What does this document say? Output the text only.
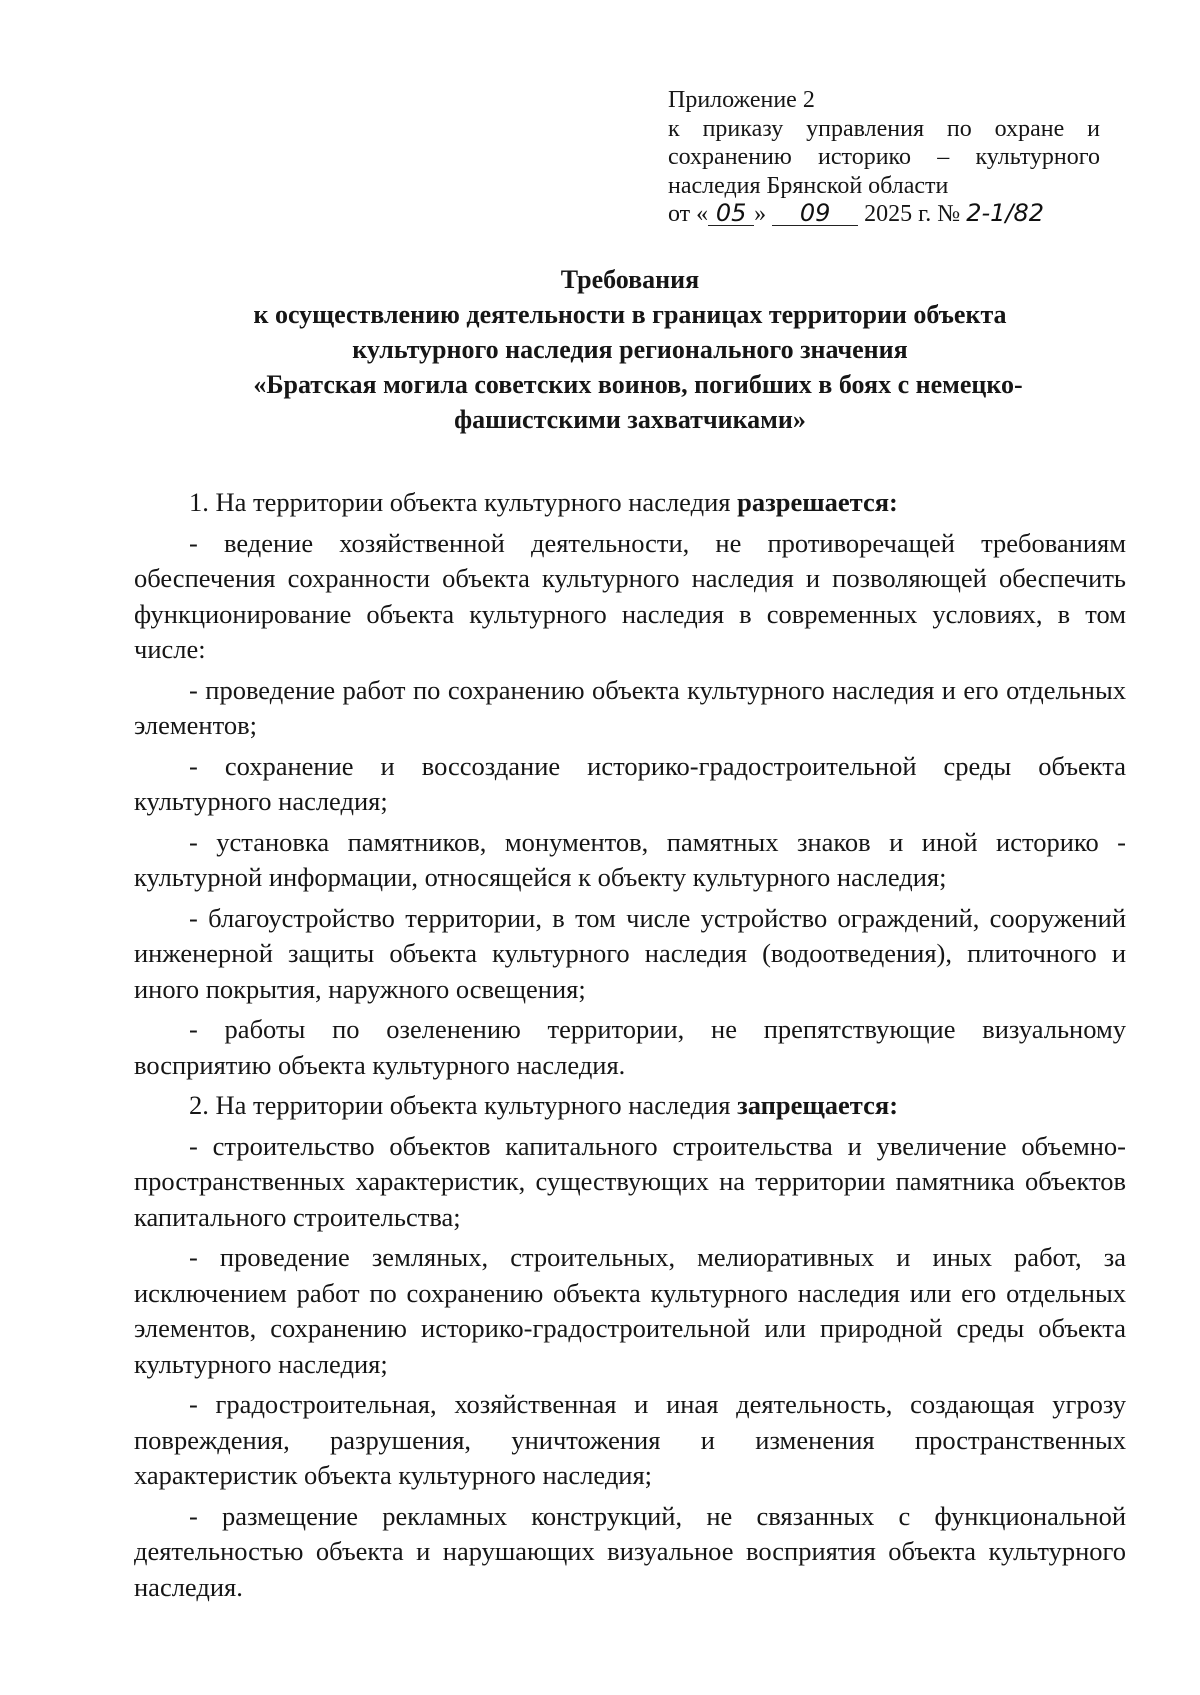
Приложение 2
к приказу управления по охране и
сохранению историко – культурного
наследия Брянской области
от « 05 » 09 2025 г. № 2-1/82
Требования
к осуществлению деятельности в границах территории объекта
культурного наследия регионального значения
«Братская могила советских воинов, погибших в боях с немецко-
фашистскими захватчиками»

1. На территории объекта культурного наследия разрешается:

- ведение хозяйственной деятельности, не противоречащей требованиям обеспечения сохранности объекта культурного наследия и позволяющей обеспечить функционирование объекта культурного наследия в современных условиях, в том числе:

- проведение работ по сохранению объекта культурного наследия и его отдельных элементов;

- сохранение и воссоздание историко-градостроительной среды объекта культурного наследия;

- установка памятников, монументов, памятных знаков и иной историко - культурной информации, относящейся к объекту культурного наследия;

- благоустройство территории, в том числе устройство ограждений, сооружений инженерной защиты объекта культурного наследия (водоотведения), плиточного и иного покрытия, наружного освещения;

- работы по озеленению территории, не препятствующие визуальному восприятию объекта культурного наследия.

2. На территории объекта культурного наследия запрещается:

- строительство объектов капитального строительства и увеличение объемно-пространственных характеристик, существующих на территории памятника объектов капитального строительства;

- проведение земляных, строительных, мелиоративных и иных работ, за исключением работ по сохранению объекта культурного наследия или его отдельных элементов, сохранению историко-градостроительной или природной среды объекта культурного наследия;

- градостроительная, хозяйственная и иная деятельность, создающая угрозу повреждения, разрушения, уничтожения и изменения пространственных характеристик объекта культурного наследия;

- размещение рекламных конструкций, не связанных с функциональной деятельностью объекта и нарушающих визуальное восприятия объекта культурного наследия.
